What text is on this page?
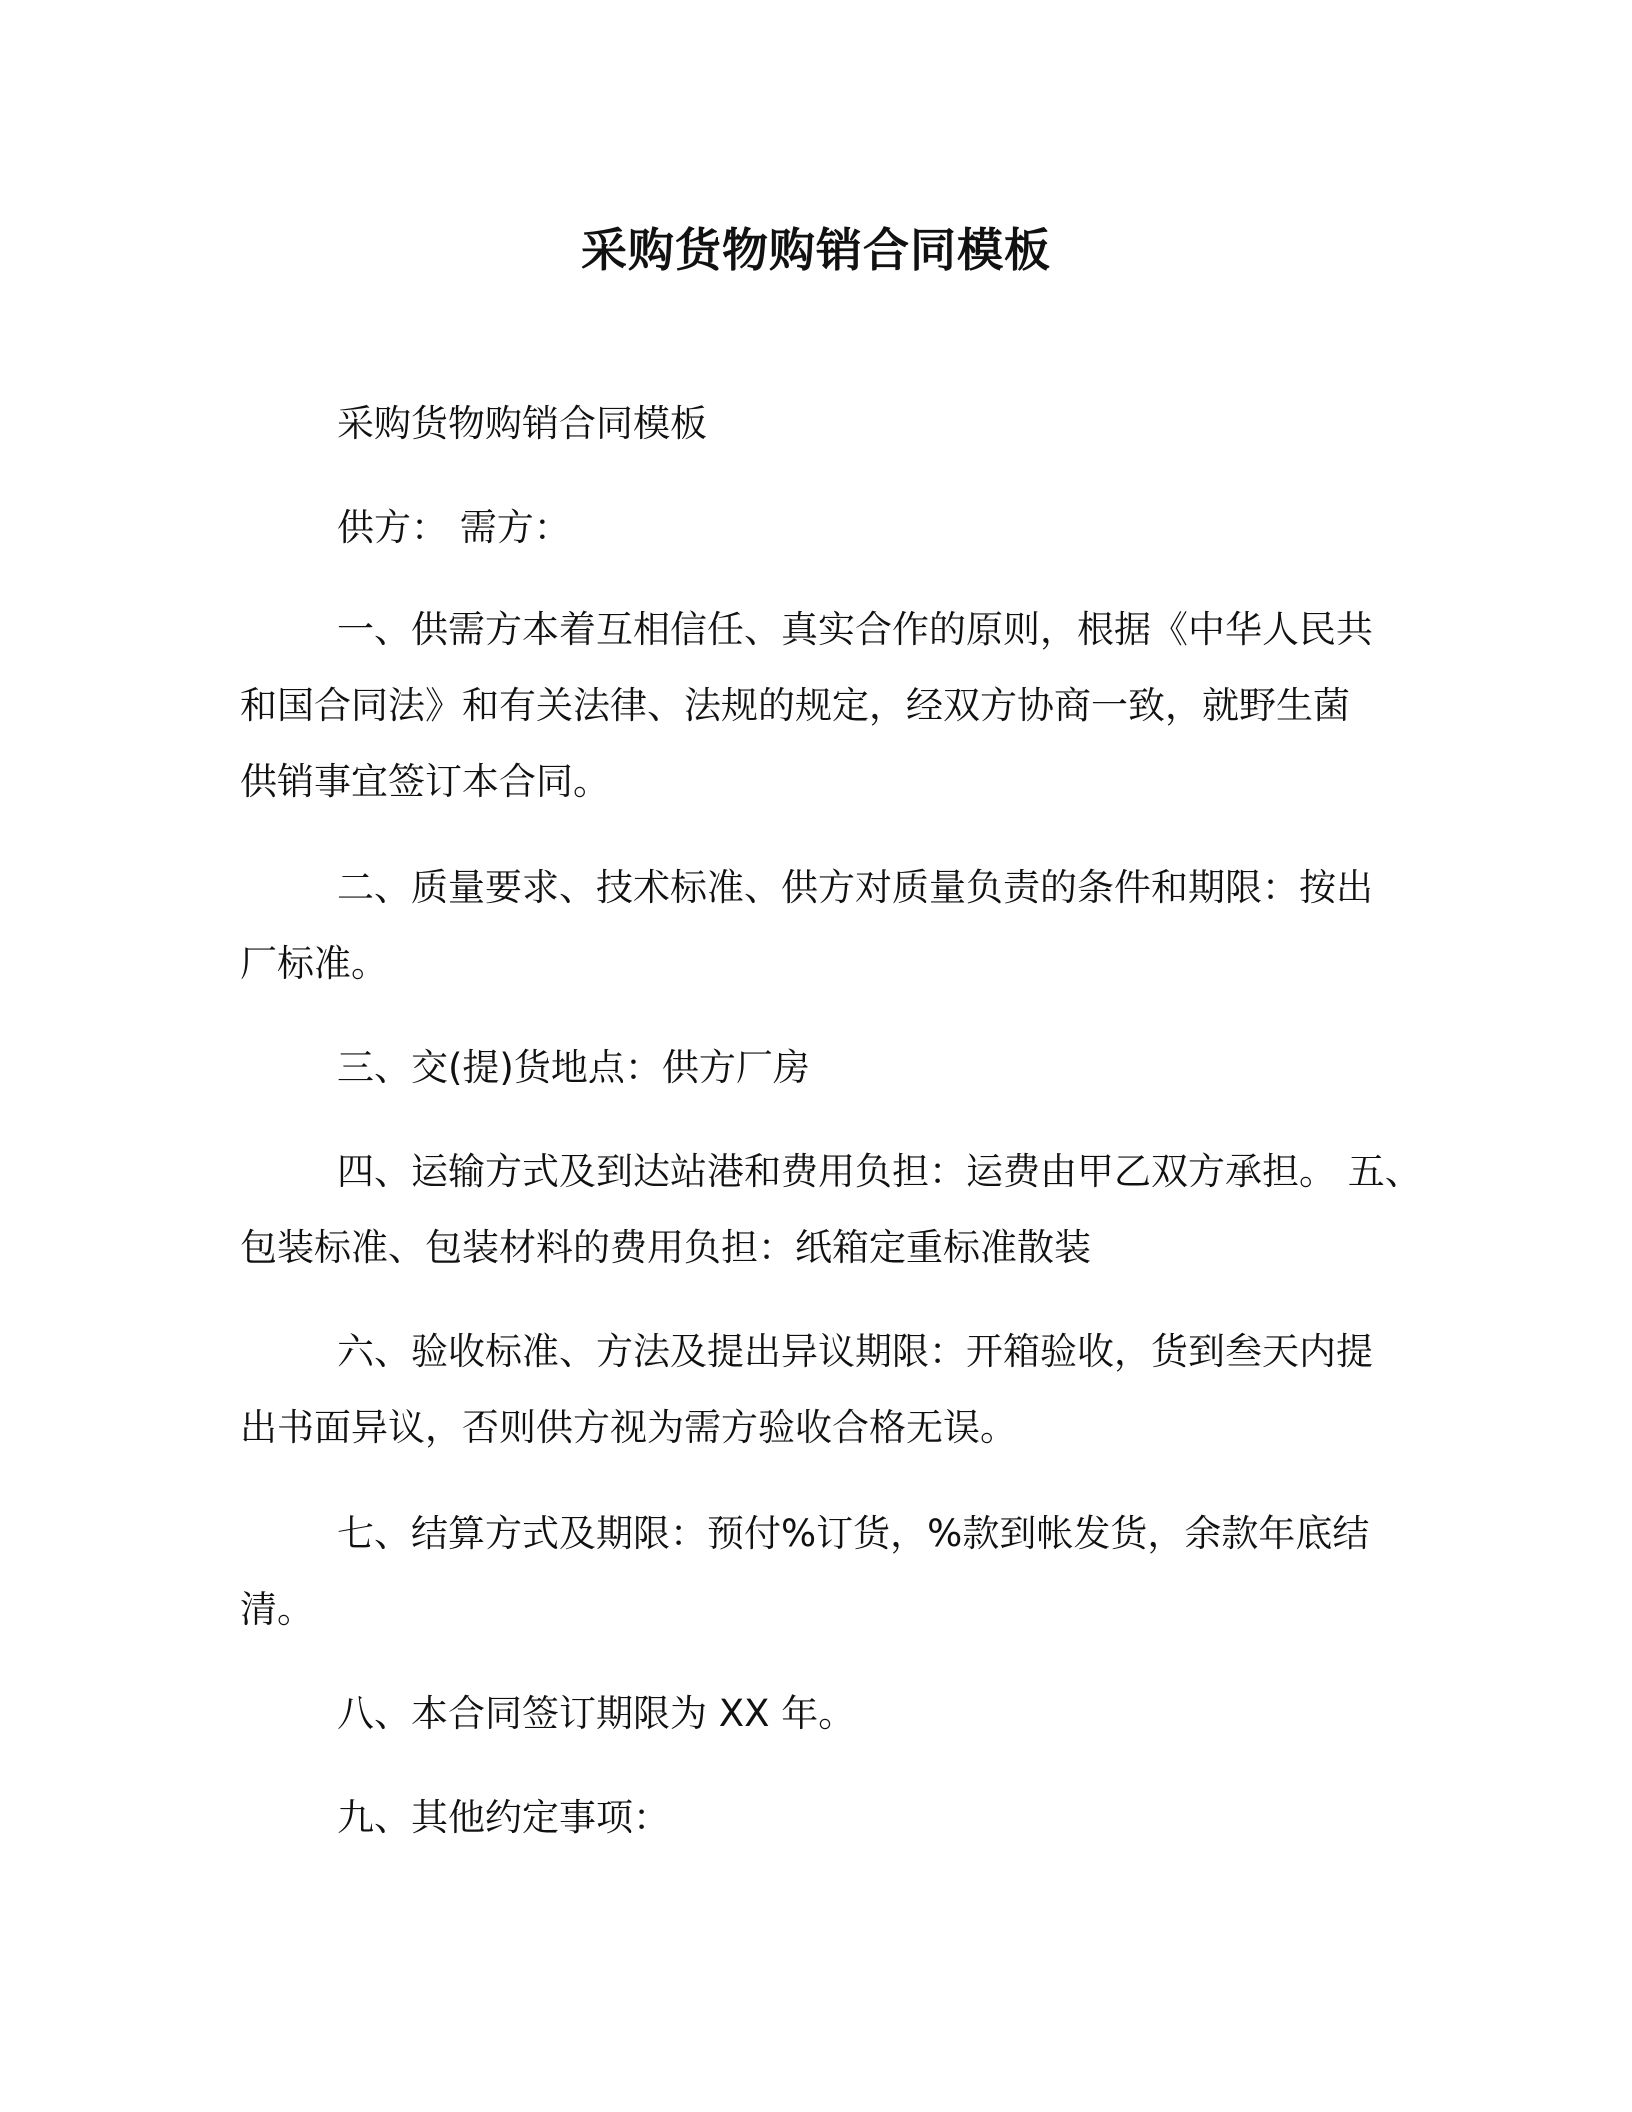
采购货物购销合同模板

采购货物购销合同模板

供方： 需方：

一、供需方本着互相信任、真实合作的原则，根据《中华人民共
和国合同法》和有关法律、法规的规定，经双方协商一致，就野生菌
供销事宜签订本合同。

二、质量要求、技术标准、供方对质量负责的条件和期限：按出
厂标准。

三、交(提)货地点：供方厂房

四、运输方式及到达站港和费用负担：运费由甲乙双方承担。 五、
包装标准、包装材料的费用负担：纸箱定重标准散装

六、验收标准、方法及提出异议期限：开箱验收，货到叁天内提
出书面异议，否则供方视为需方验收合格无误。

七、结算方式及期限：预付%订货，%款到帐发货，余款年底结
清。

八、本合同签订期限为 XX 年。

九、其他约定事项：
